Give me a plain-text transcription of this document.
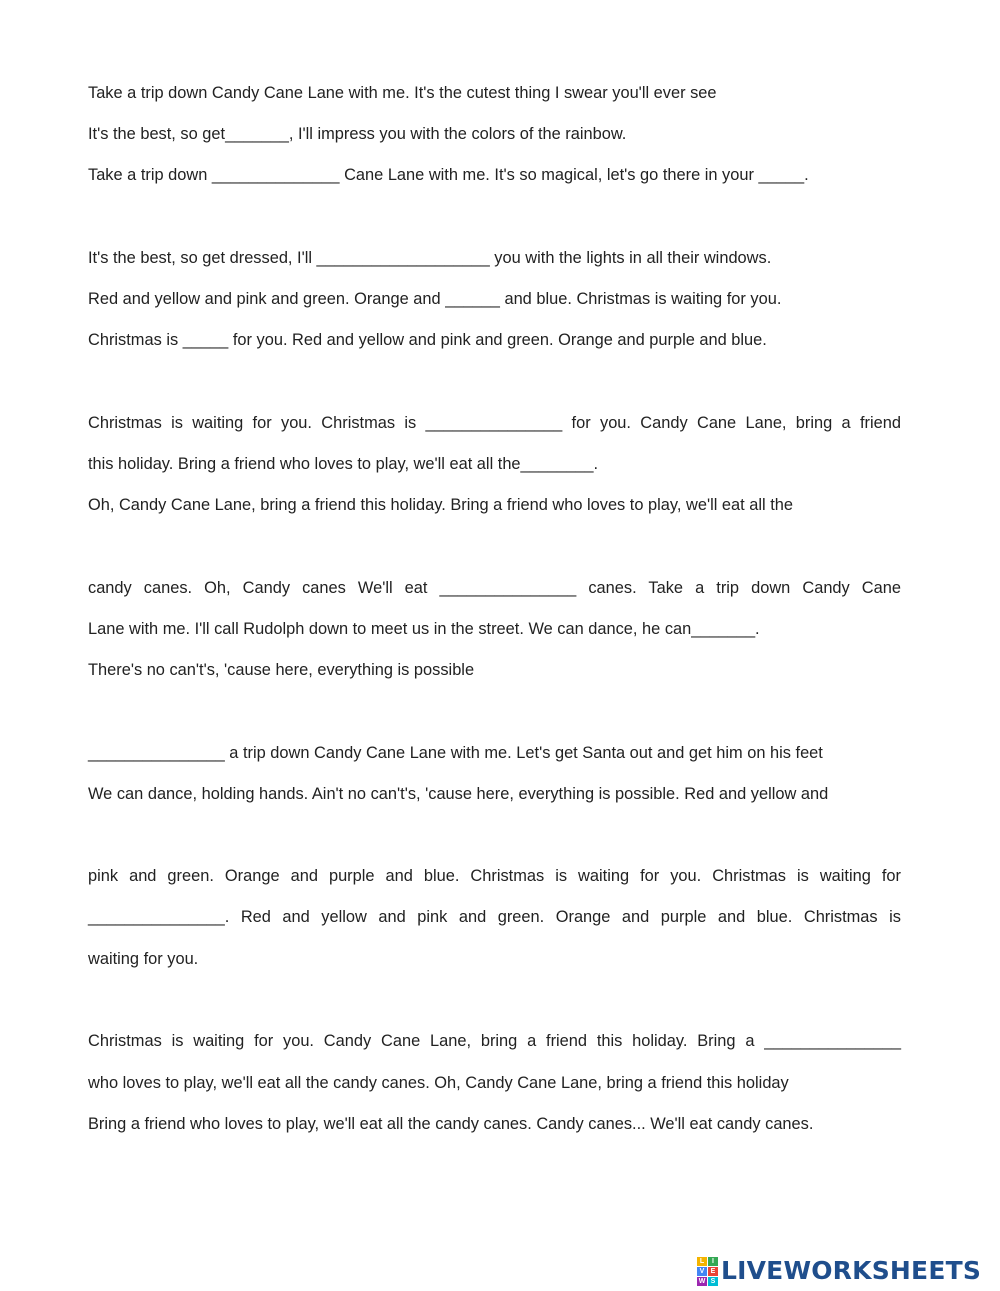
Take a trip down Candy Cane Lane with me. It's the cutest thing I swear you'll ever see

It's the best, so get_______, I'll impress you with the colors of the rainbow.

Take a trip down ______________ Cane Lane with me. It's so magical, let's go there in your _____.

It's the best, so get dressed, I'll ___________________ you with the lights in all their windows.

Red and yellow and pink and green. Orange and ______ and blue. Christmas is waiting for you.

Christmas is _____ for you. Red and yellow and pink and green. Orange and purple and blue.

Christmas is waiting for you. Christmas is _______________ for you. Candy Cane Lane, bring a friend

this holiday. Bring a friend who loves to play, we'll eat all the________.

Oh, Candy Cane Lane, bring a friend this holiday. Bring a friend who loves to play, we'll eat all the

candy canes. Oh, Candy canes We'll eat _______________ canes. Take a trip down Candy Cane

Lane with me. I'll call Rudolph down to meet us in the street. We can dance, he can_______.

There's no can't's, 'cause here, everything is possible

_______________ a trip down Candy Cane Lane with me. Let's get Santa out and get him on his feet

We can dance, holding hands. Ain't no can't's, 'cause here, everything is possible. Red and yellow and

pink and green. Orange and purple and blue. Christmas is waiting for you. Christmas is waiting for

_______________. Red and yellow and pink and green. Orange and purple and blue. Christmas is

waiting for you.

Christmas is waiting for you. Candy Cane Lane, bring a friend this holiday. Bring a _______________

who loves to play, we'll eat all the candy canes. Oh, Candy Cane Lane, bring a friend this holiday

Bring a friend who loves to play, we'll eat all the candy canes. Candy canes... We'll eat candy canes.

L	I
V E
W S LIVEWORKSHEETS
